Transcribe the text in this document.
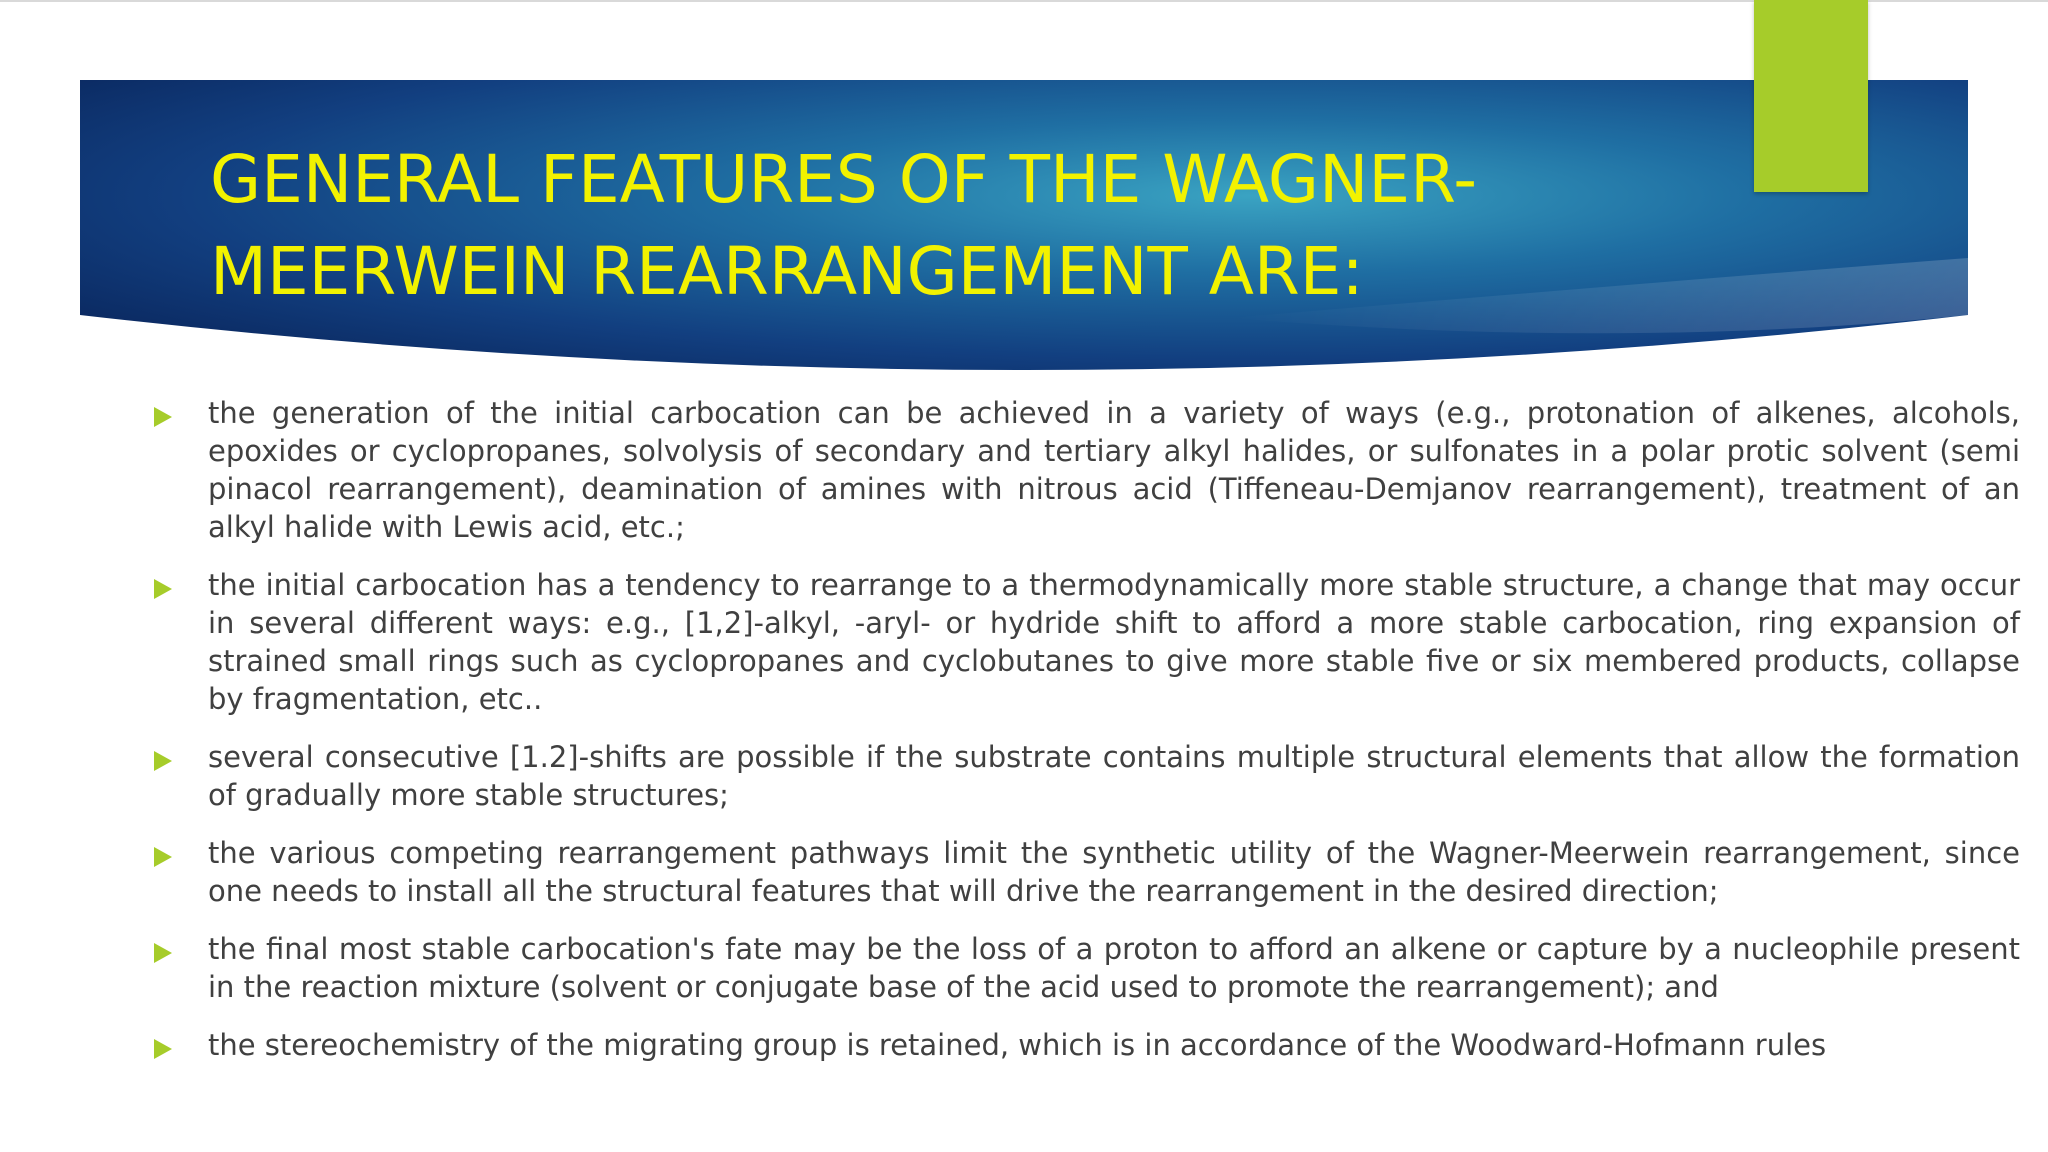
GENERAL FEATURES OF THE WAGNER-MEERWEIN REARRANGEMENT ARE:
the generation of the initial carbocation can be achieved in a variety of ways (e.g., protonation of alkenes, alcohols, epoxides or cyclopropanes, solvolysis of secondary and tertiary alkyl halides, or sulfonates in a polar protic solvent (semi pinacol rearrangement), deamination of amines with nitrous acid (Tiffeneau-Demjanov rearrangement), treatment of an alkyl halide with Lewis acid, etc.;
the initial carbocation has a tendency to rearrange to a thermodynamically more stable structure, a change that may occur in several different ways: e.g., [1,2]-alkyl, -aryl- or hydride shift to afford a more stable carbocation, ring expansion of strained small rings such as cyclopropanes and cyclobutanes to give more stable five or six membered products, collapse by fragmentation, etc..
several consecutive [1.2]-shifts are possible if the substrate contains multiple structural elements that allow the formation of gradually more stable structures;
the various competing rearrangement pathways limit the synthetic utility of the Wagner-Meerwein rearrangement, since one needs to install all the structural features that will drive the rearrangement in the desired direction;
the final most stable carbocation's fate may be the loss of a proton to afford an alkene or capture by a nucleophile present in the reaction mixture (solvent or conjugate base of the acid used to promote the rearrangement); and
the stereochemistry of the migrating group is retained, which is in accordance of the Woodward-Hofmann rules
